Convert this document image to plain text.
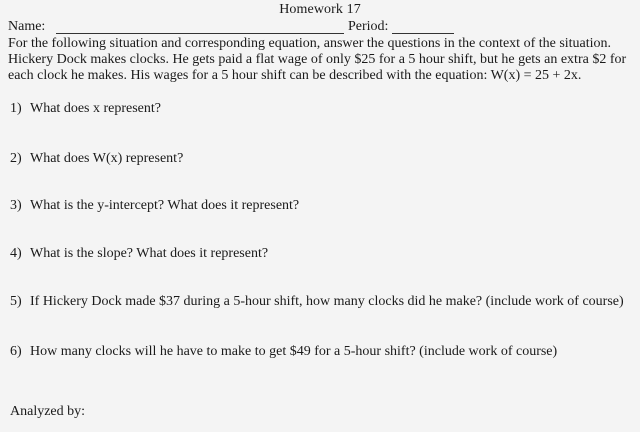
Homework 17
Name:	Period:
For the following situation and corresponding equation, answer the questions in the context of the situation.
Hickery Dock makes clocks. He gets paid a flat wage of only $25 for a 5 hour shift, but he gets an extra $2 for
each clock he makes. His wages for a 5 hour shift can be described with the equation: W(x) = 25 + 2x.
1) What does x represent?
2) What does W(x) represent?
3) What is the y-intercept? What does it represent?
4) What is the slope? What does it represent?
5) If Hickery Dock made $37 during a 5-hour shift, how many clocks did he make? (include work of course)
6) How many clocks will he have to make to get $49 for a 5-hour shift? (include work of course)
Analyzed by:
